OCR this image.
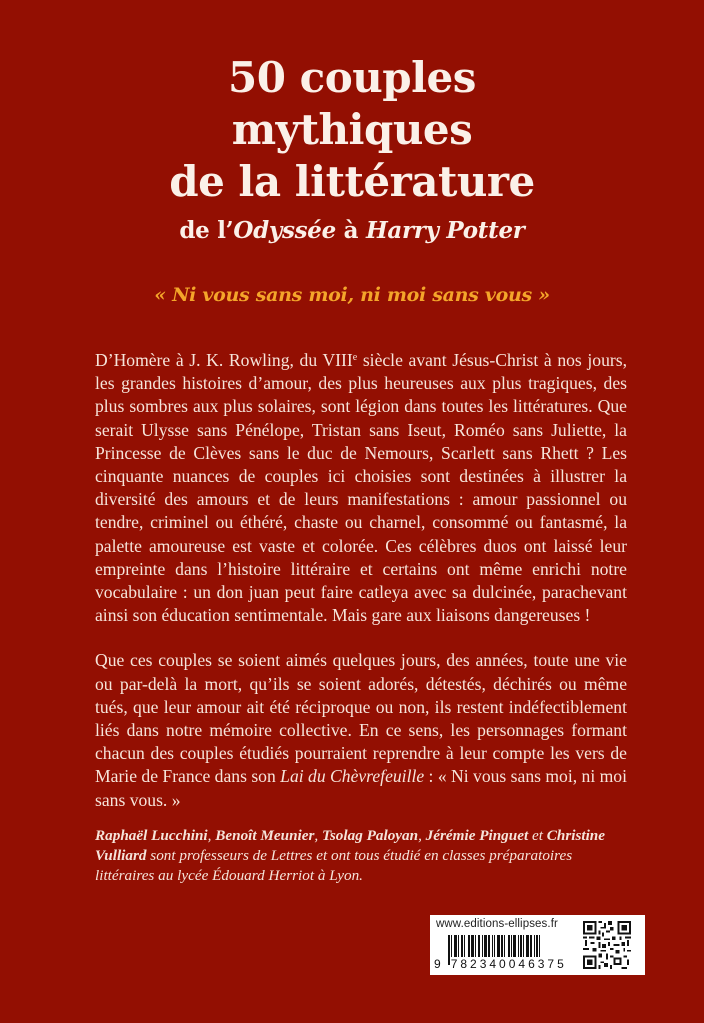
50 couples
mythiques
de la littérature
de l’Odyssée à Harry Potter
« Ni vous sans moi, ni moi sans vous »

D’Homère à J. K. Rowling, du VIIIe siècle avant Jésus-Christ à nos jours, les grandes histoires d’amour, des plus heureuses aux plus tragiques, des plus sombres aux plus solaires, sont légion dans toutes les littératures. Que serait Ulysse sans Pénélope, Tristan sans Iseut, Roméo sans Juliette, la Princesse de Clèves sans le duc de Nemours, Scarlett sans Rhett ? Les cinquante nuances de couples ici choisies sont destinées à illustrer la diversité des amours et de leurs manifestations : amour passionnel ou tendre, criminel ou éthéré, chaste ou charnel, consommé ou fantasmé, la palette amoureuse est vaste et colorée. Ces célèbres duos ont laissé leur empreinte dans l’histoire littéraire et certains ont même enrichi notre vocabulaire : un don juan peut faire catleya avec sa dulcinée, parachevant ainsi son éducation sentimentale. Mais gare aux liaisons dangereuses !

Que ces couples se soient aimés quelques jours, des années, toute une vie ou par-delà la mort, qu’ils se soient adorés, détestés, déchirés ou même tués, que leur amour ait été réciproque ou non, ils restent indéfectiblement liés dans notre mémoire collective. En ce sens, les personnages formant chacun des couples étudiés pourraient reprendre à leur compte les vers de Marie de France dans son Lai du Chèvrefeuille : « Ni vous sans moi, ni moi sans vous. »

Raphaël Lucchini, Benoît Meunier, Tsolag Paloyan, Jérémie Pinguet et Christine Vulliard sont professeurs de Lettres et ont tous étudié en classes préparatoires littéraires au lycée Édouard Herriot à Lyon.
www.editions-ellipses.fr
9 782340046375
